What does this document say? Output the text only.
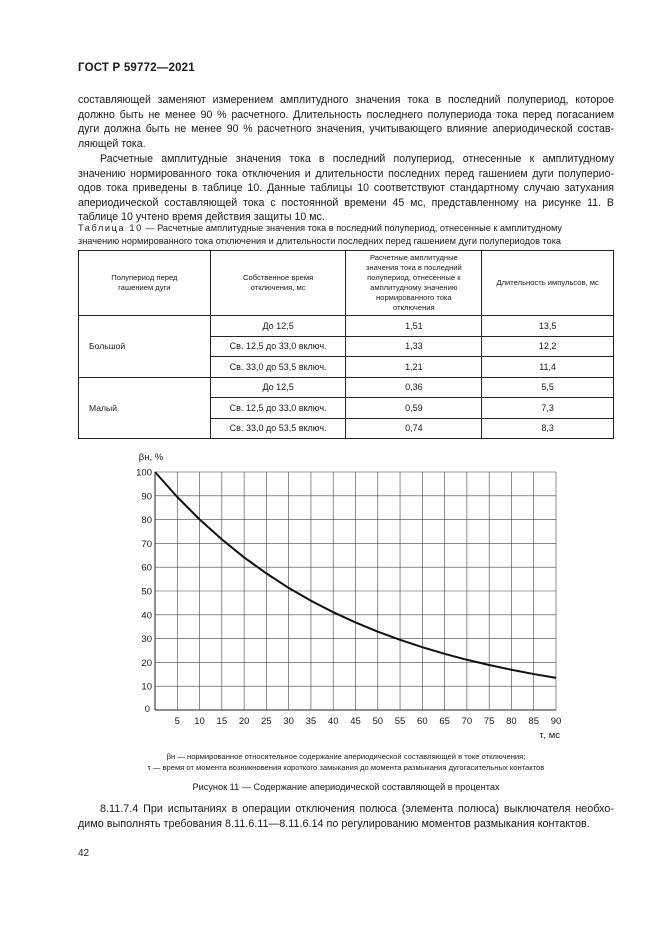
ГОСТ Р 59772—2021
составляющей заменяют измерением амплитудного значения тока в последний полупериод, которое
должно быть не менее 90 % расчетного. Длительность последнего полупериода тока перед погасанием
дуги должна быть не менее 90 % расчетного значения, учитывающего влияние апериодической состав-
ляющей тока.
Расчетные амплитудные значения тока в последний полупериод, отнесенные к амплитудному
значению нормированного тока отключения и длительности последних перед гашением дуги полуперио-
одов тока приведены в таблице 10. Данные таблицы 10 соответствуют стандартному случаю затухания
апериодической составляющей тока с постоянной времени 45 мс, представленному на рисунке 11. В
таблице 10 учтено время действия защиты 10 мс.
Таблица 10 — Расчетные амплитудные значения тока в последний полупериод, отнесенные к амплитудному
значению нормированного тока отключения и длительности последних перед гашением дуги полупериодов тока
Полупериод перед гашением дуги	Собственное время отключения, мс	Расчетные амплитудные значения тока в последний полупериод, отнесенные к амплитудному значению нормированного тока отключения	Длительность импульсов, мс
Большой	До 12,5	1,51	13,5
	Св. 12,5 до 33,0 включ.	1,33	12,2
	Св. 33,0 до 53,5 включ.	1,21	11,4
Малый	До 12,5	0,36	5,5
	Св. 12,5 до 33,0 включ.	0,59	7,3
	Св. 33,0 до 53,5 включ.	0,74	8,3
5 10 15 20 25 30 35 40 45 50 55 60 65 70 75 80 85 90
10
20
30
40
50
60
70
80
90
100
0
βн, %
τ, мс
βн — нормированное относительное содержание апериодической составляющей в токе отключения;
τ — время от момента возникновения короткого замыкания до момента размыкания дугогасительных контактов
Рисунок 11 — Содержание апериодической составляющей в процентах
8.11.7.4 При испытаниях в операции отключения полюса (элемента полюса) выключателя необхо-
димо выполнять требования 8.11.6.11—8.11.6.14 по регулированию моментов размыкания контактов.
42
